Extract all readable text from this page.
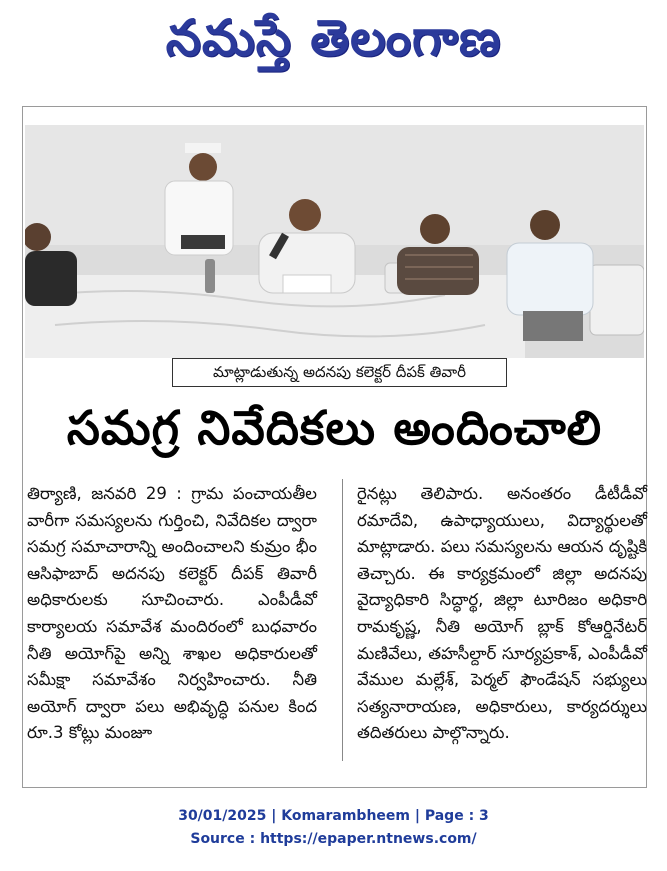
నమస్తే తెలంగాణ
మాట్లాడుతున్న అదనపు కలెక్టర్ దీపక్ తివారీ
సమగ్ర నివేదికలు అందించాలి

తిర్యాణి, జనవరి 29 : గ్రామ పంచాయతీల వారీగా సమస్యలను గుర్తించి, నివేదికల ద్వారా సమగ్ర సమాచారాన్ని అందించాలని కుమ్రం భీం ఆసిఫాబాద్ అదనపు కలెక్టర్ దీపక్ తివారీ అధికారులకు సూచించారు. ఎంపీడీవో కార్యాలయ సమావేశ మందిరంలో బుధవారం నీతి అయోగ్‌పై అన్ని శాఖల అధికారులతో సమీక్షా సమావేశం నిర్వహించారు. నీతి అయోగ్ ద్వారా పలు అభివృద్ధి పనుల కింద రూ.3 కోట్లు మంజూ

రైనట్లు తెలిపారు. అనంతరం డీటీడీవో రమాదేవి, ఉపాధ్యాయులు, విద్యార్థులతో మాట్లాడారు. పలు సమస్యలను ఆయన దృష్టికి తెచ్చారు. ఈ కార్యక్రమంలో జిల్లా అదనపు వైద్యాధికారి సిద్ధార్థ, జిల్లా టూరిజం అధికారి రామకృష్ణ, నీతి అయోగ్ బ్లాక్ కోఆర్డినేటర్ మణివేలు, తహసీల్దార్ సూర్యప్రకాశ్, ఎంపీడీవో వేముల మల్లేశ్, పెర్మల్ ఫౌండేషన్ సభ్యులు సత్యనారాయణ, అధికారులు, కార్యదర్శులు తదితరులు పాల్గొన్నారు.

30/01/2025 | Komarambheem | Page : 3
Source : https://epaper.ntnews.com/
